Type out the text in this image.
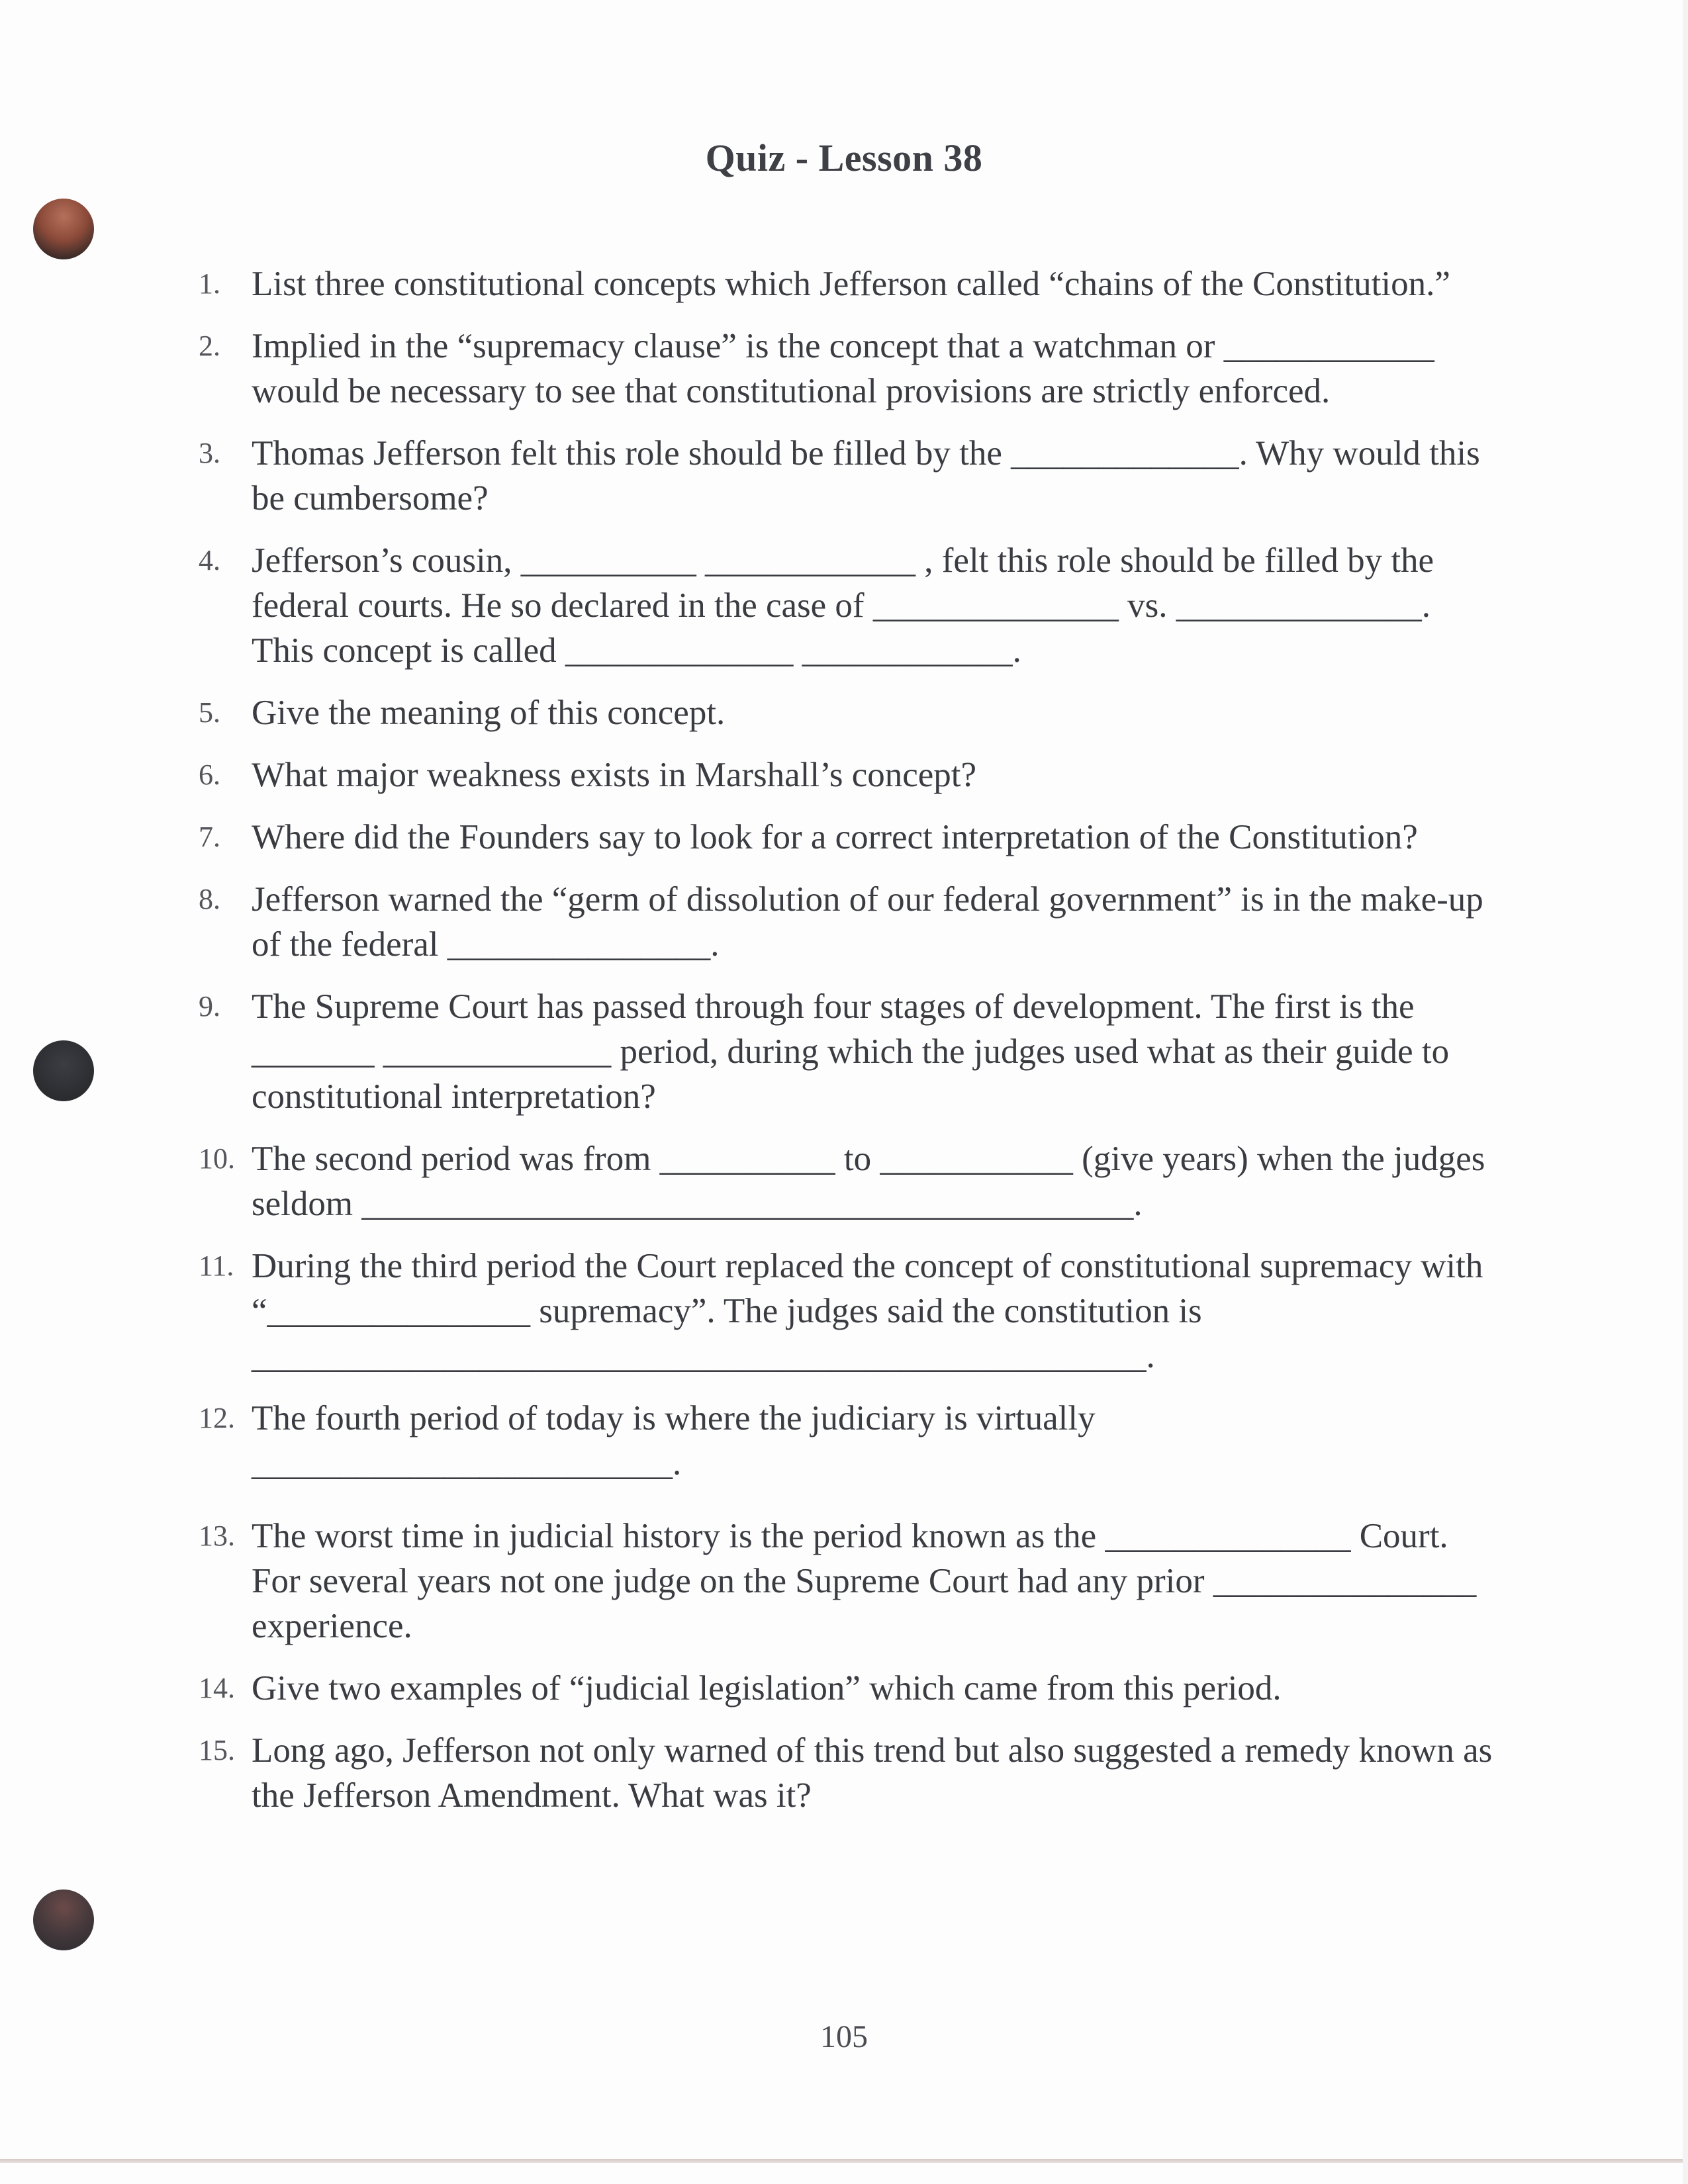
Quiz - Lesson 38
1. List three constitutional concepts which Jefferson called “chains of the Constitution.”
2. Implied in the “supremacy clause” is the concept that a watchman or ____________ would be necessary to see that constitutional provisions are strictly enforced.
3. Thomas Jefferson felt this role should be filled by the _____________. Why would this be cumbersome?
4. Jefferson’s cousin, __________ ____________ , felt this role should be filled by the federal courts. He so declared in the case of ______________ vs. ______________. This concept is called _____________ ____________.
5. Give the meaning of this concept.
6. What major weakness exists in Marshall’s concept?
7. Where did the Founders say to look for a correct interpretation of the Constitution?
8. Jefferson warned the “germ of dissolution of our federal government” is in the make-up of the federal _______________.
9. The Supreme Court has passed through four stages of development. The first is the _______ _____________ period, during which the judges used what as their guide to constitutional interpretation?
10. The second period was from __________ to ___________ (give years) when the judges seldom ____________________________________________.
11. During the third period the Court replaced the concept of constitutional supremacy with “_______________ supremacy”. The judges said the constitution is ___________________________________________________.
12. The fourth period of today is where the judiciary is virtually ________________________.
13. The worst time in judicial history is the period known as the ______________ Court. For several years not one judge on the Supreme Court had any prior _______________ experience.
14. Give two examples of “judicial legislation” which came from this period.
15. Long ago, Jefferson not only warned of this trend but also suggested a remedy known as the Jefferson Amendment. What was it?
105
